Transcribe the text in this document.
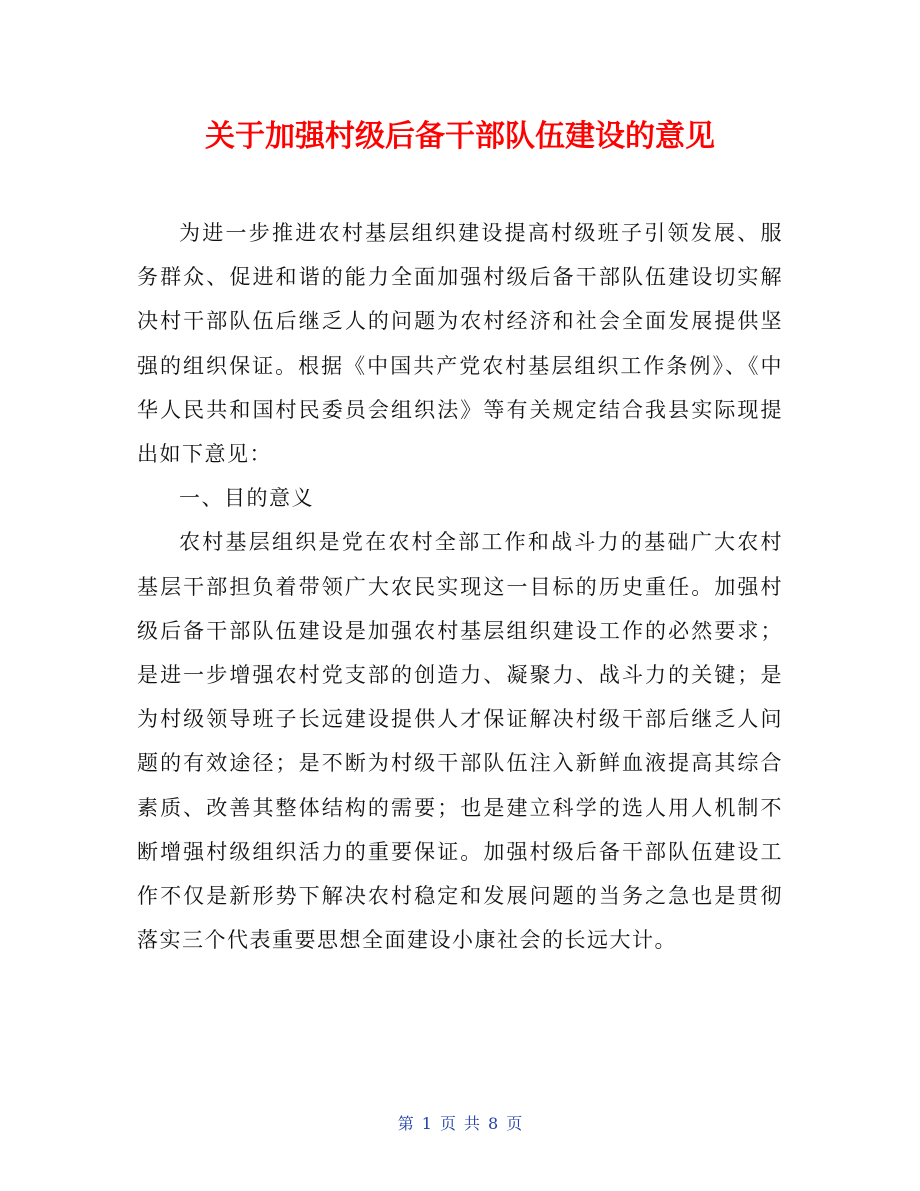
关于加强村级后备干部队伍建设的意见

为进一步推进农村基层组织建设提高村级班子引领发展、服务群众、促进和谐的能力全面加强村级后备干部队伍建设切实解决村干部队伍后继乏人的问题为农村经济和社会全面发展提供坚强的组织保证。根据《中国共产党农村基层组织工作条例》、《中华人民共和国村民委员会组织法》等有关规定结合我县实际现提出如下意见：

一、目的意义

农村基层组织是党在农村全部工作和战斗力的基础广大农村基层干部担负着带领广大农民实现这一目标的历史重任。加强村级后备干部队伍建设是加强农村基层组织建设工作的必然要求；是进一步增强农村党支部的创造力、凝聚力、战斗力的关键；是为村级领导班子长远建设提供人才保证解决村级干部后继乏人问题的有效途径；是不断为村级干部队伍注入新鲜血液提高其综合素质、改善其整体结构的需要；也是建立科学的选人用人机制不断增强村级组织活力的重要保证。加强村级后备干部队伍建设工作不仅是新形势下解决农村稳定和发展问题的当务之急也是贯彻落实三个代表重要思想全面建设小康社会的长远大计。

第 1 页 共 8 页
